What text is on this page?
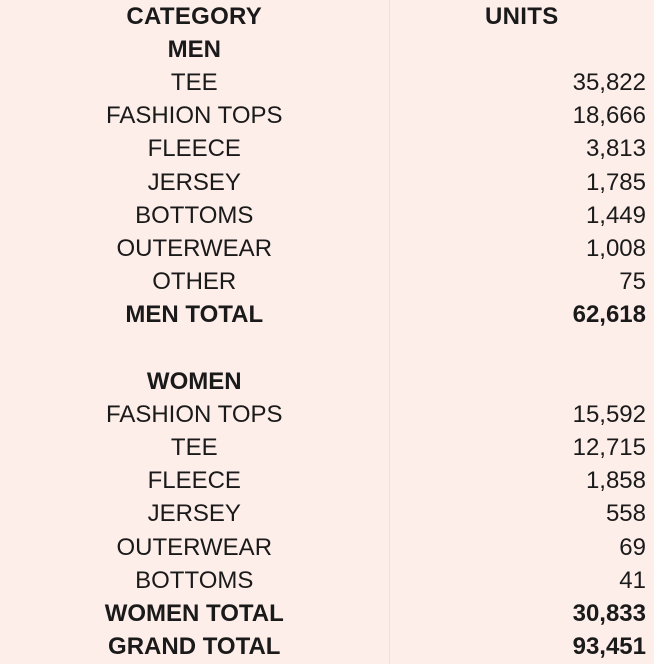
CATEGORY	UNITS
MEN	
TEE	35,822
FASHION TOPS	18,666
FLEECE	3,813
JERSEY	1,785
BOTTOMS	1,449
OUTERWEAR	1,008
OTHER	75
MEN TOTAL	62,618

WOMEN	
FASHION TOPS	15,592
TEE	12,715
FLEECE	1,858
JERSEY	558
OUTERWEAR	69
BOTTOMS	41
WOMEN TOTAL	30,833
GRAND TOTAL	93,451
